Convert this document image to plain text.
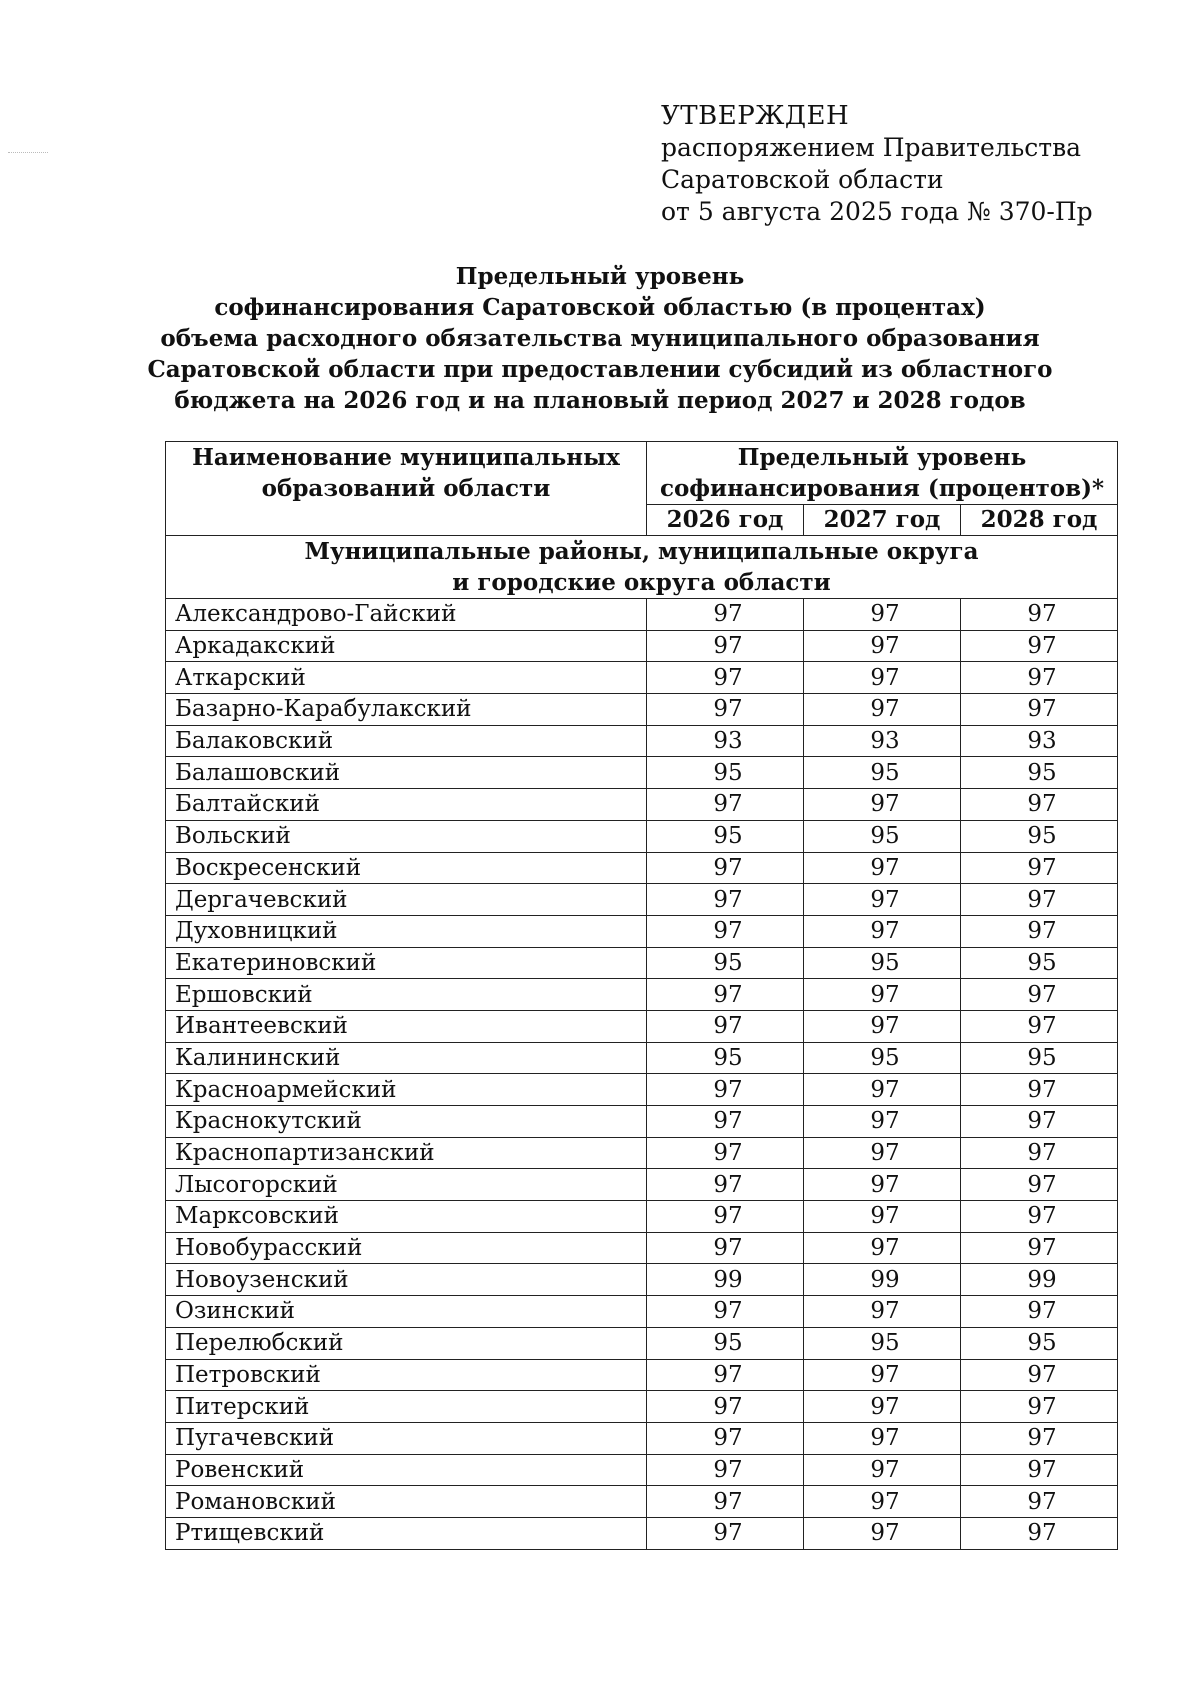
УТВЕРЖДЕН
распоряжением Правительства
Саратовской области
от 5 августа 2025 года № 370-Пр
Предельный уровень
софинансирования Саратовской областью (в процентах)
объема расходного обязательства муниципального образования
Саратовской области при предоставлении субсидий из областного
бюджета на 2026 год и на плановый период 2027 и 2028 годов
Наименование муниципальных образований области	Предельный уровень софинансирования (процентов)*		
	2026 год	2027 год	2028 год

Муниципальные районы, муниципальные округа
и городские округа области			

Александрово-Гайский	97	97	97
Аркадакский	97	97	97
Аткарский	97	97	97
Базарно-Карабулакский	97	97	97
Балаковский	93	93	93
Балашовский	95	95	95
Балтайский	97	97	97
Вольский	95	95	95
Воскресенский	97	97	97
Дергачевский	97	97	97
Духовницкий	97	97	97
Екатериновский	95	95	95
Ершовский	97	97	97
Ивантеевский	97	97	97
Калининский	95	95	95
Красноармейский	97	97	97
Краснокутский	97	97	97
Краснопартизанский	97	97	97
Лысогорский	97	97	97
Марксовский	97	97	97
Новобурасский	97	97	97
Новоузенский	99	99	99
Озинский	97	97	97
Перелюбский	95	95	95
Петровский	97	97	97
Питерский	97	97	97
Пугачевский	97	97	97
Ровенский	97	97	97
Романовский	97	97	97
Ртищевский	97	97	97
